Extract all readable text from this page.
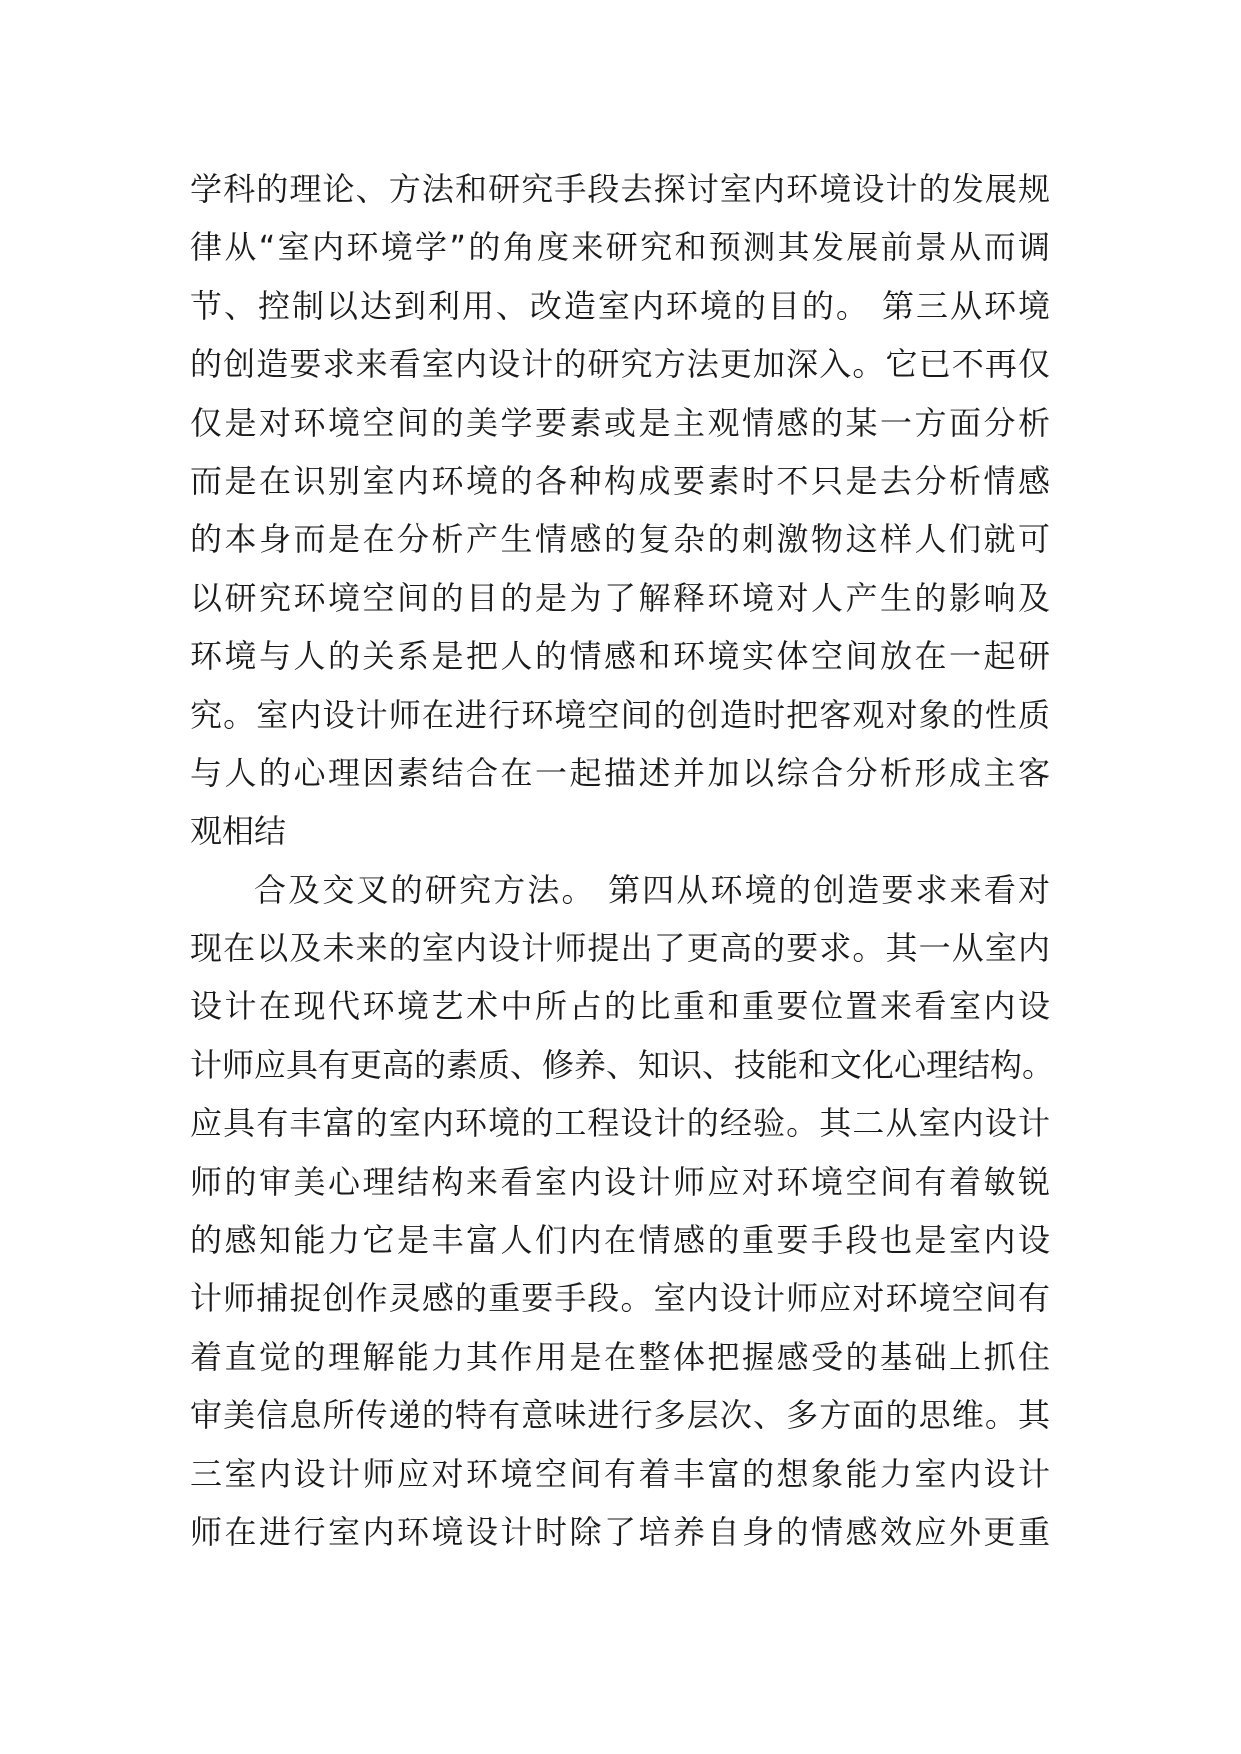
学科的理论、方法和研究手段去探讨室内环境设计的发展规
律从“室内环境学”的角度来研究和预测其发展前景从而调
节、控制以达到利用、改造室内环境的目的。 第三从环境
的创造要求来看室内设计的研究方法更加深入。它已不再仅
仅是对环境空间的美学要素或是主观情感的某一方面分析
而是在识别室内环境的各种构成要素时不只是去分析情感
的本身而是在分析产生情感的复杂的刺激物这样人们就可
以研究环境空间的目的是为了解释环境对人产生的影响及
环境与人的关系是把人的情感和环境实体空间放在一起研
究。室内设计师在进行环境空间的创造时把客观对象的性质
与人的心理因素结合在一起描述并加以综合分析形成主客
观相结
合及交叉的研究方法。 第四从环境的创造要求来看对
现在以及未来的室内设计师提出了更高的要求。其一从室内
设计在现代环境艺术中所占的比重和重要位置来看室内设
计师应具有更高的素质、修养、知识、技能和文化心理结构。
应具有丰富的室内环境的工程设计的经验。其二从室内设计
师的审美心理结构来看室内设计师应对环境空间有着敏锐
的感知能力它是丰富人们内在情感的重要手段也是室内设
计师捕捉创作灵感的重要手段。室内设计师应对环境空间有
着直觉的理解能力其作用是在整体把握感受的基础上抓住
审美信息所传递的特有意味进行多层次、多方面的思维。其
三室内设计师应对环境空间有着丰富的想象能力室内设计
师在进行室内环境设计时除了培养自身的情感效应外更重
